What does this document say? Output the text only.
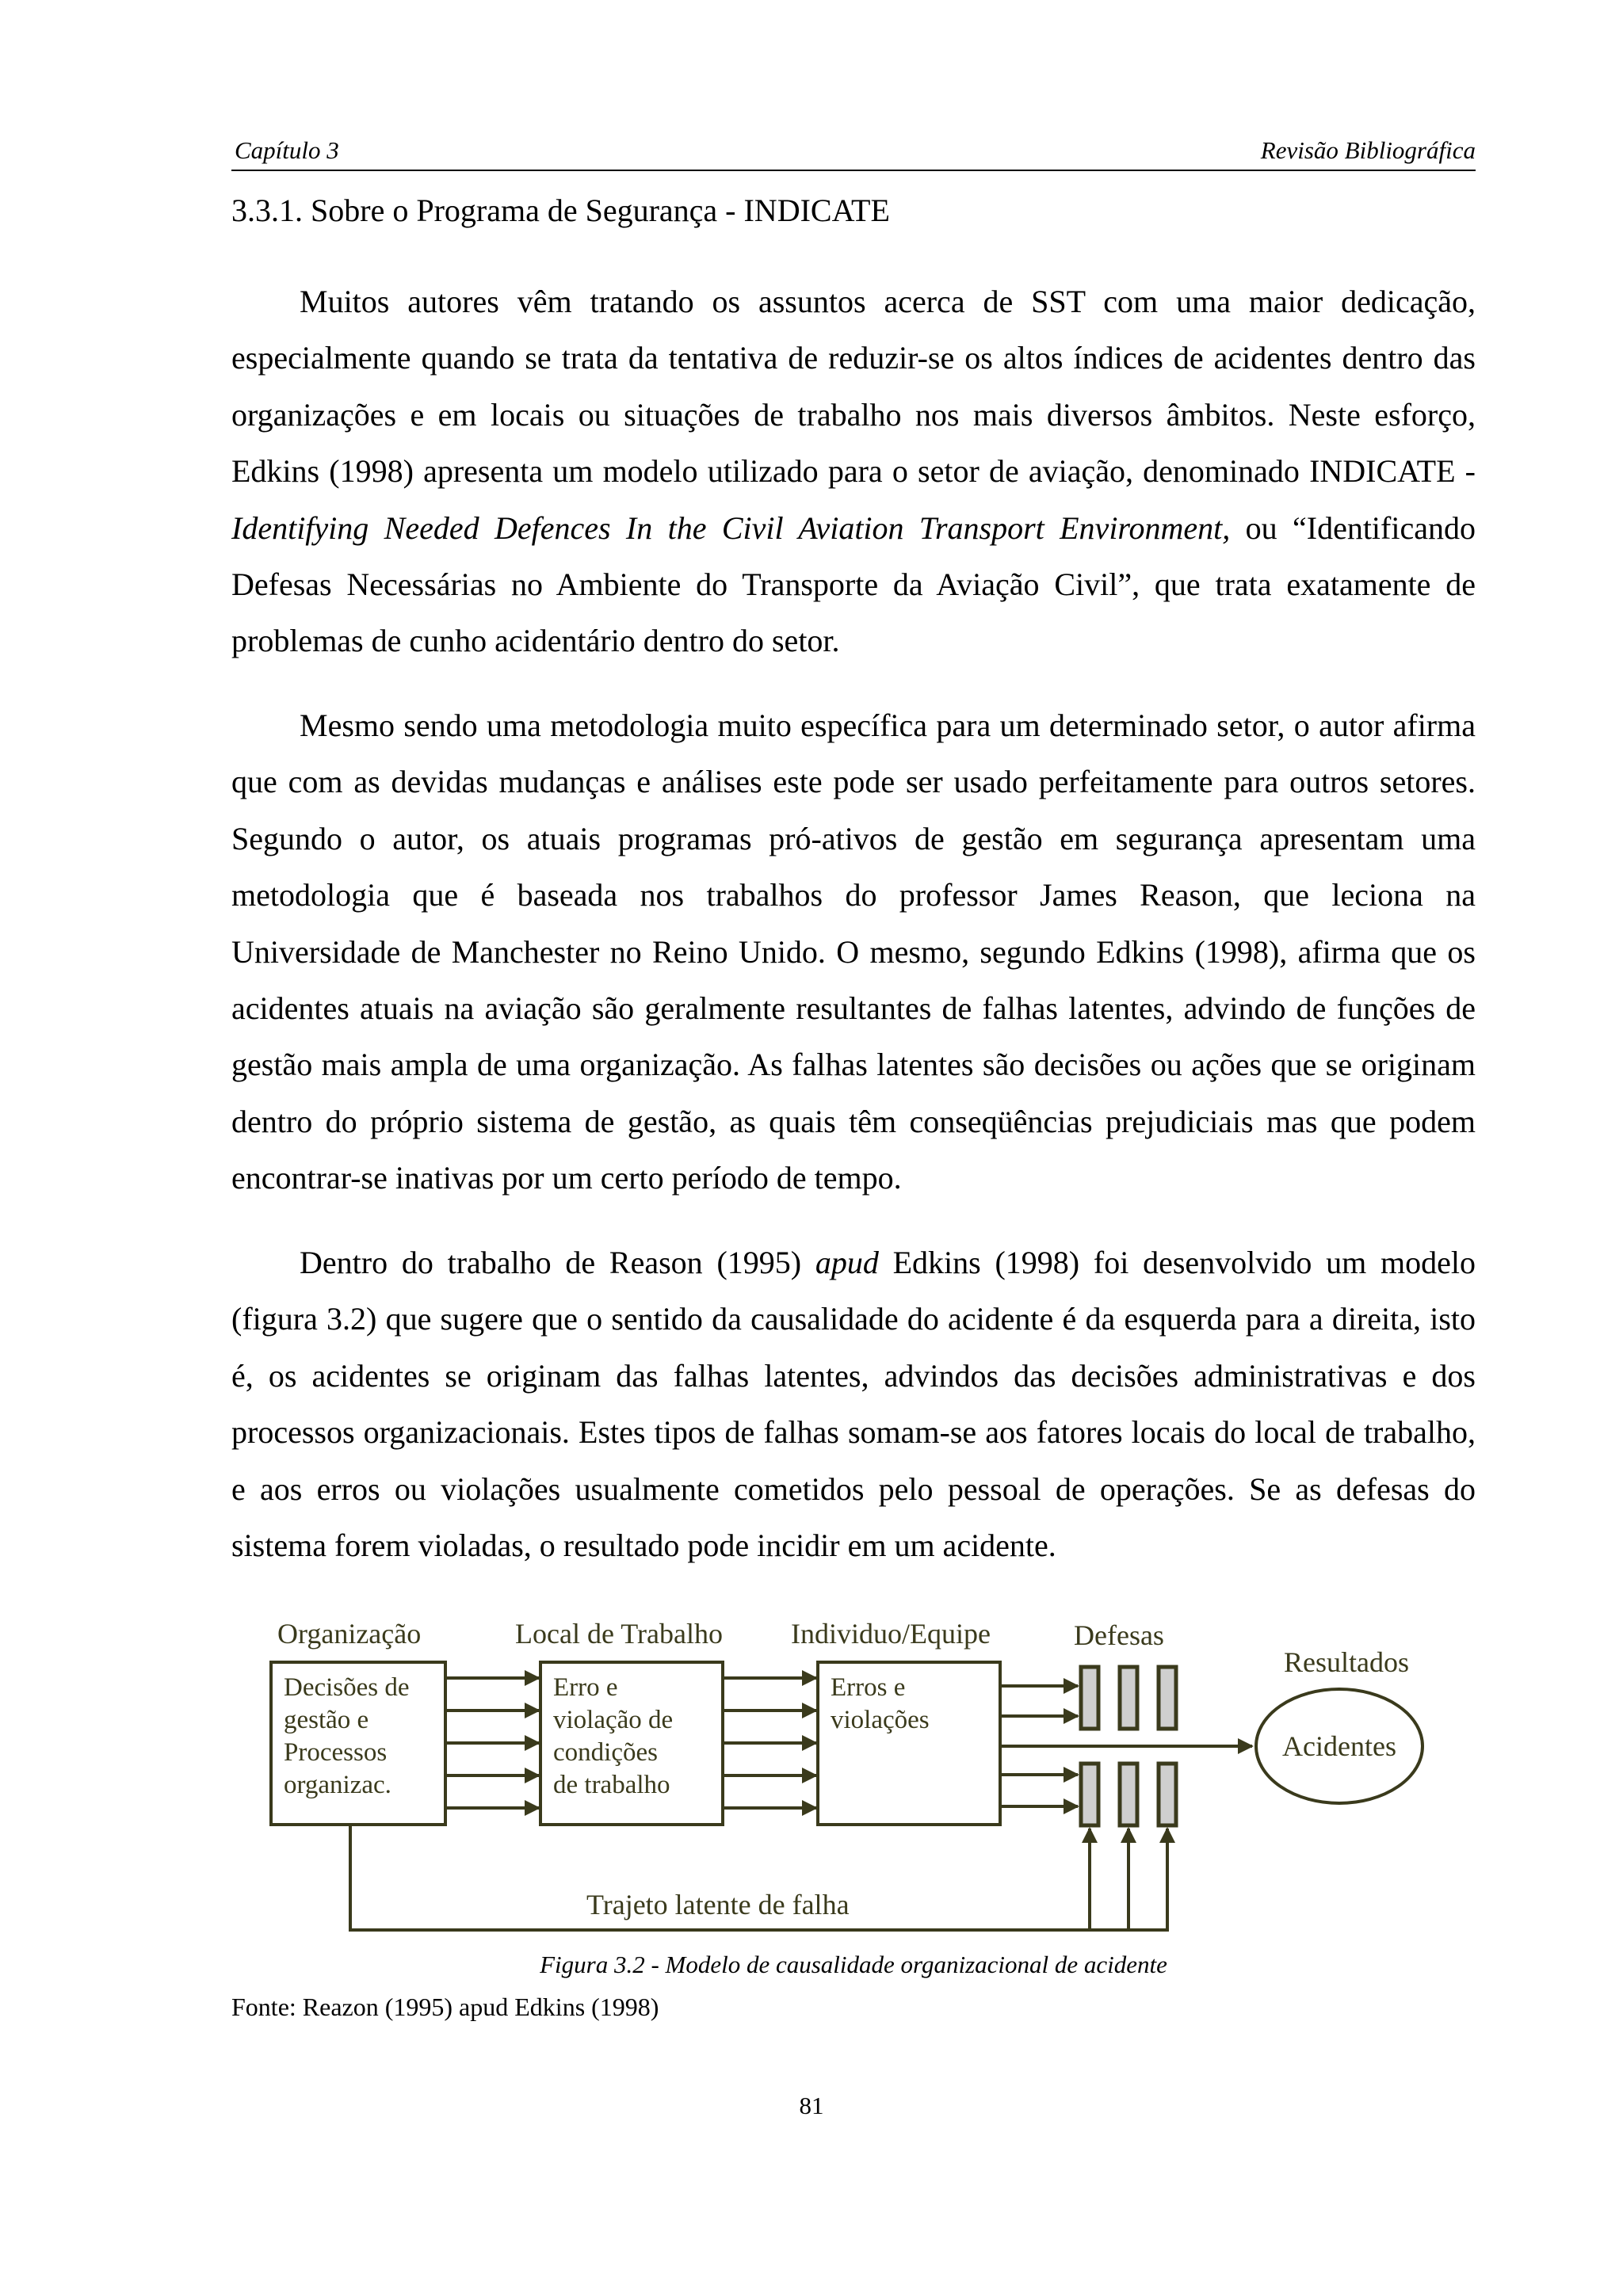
Capítulo 3	Revisão Bibliográfica
3.3.1. Sobre o Programa de Segurança - INDICATE

Muitos autores vêm tratando os assuntos acerca de SST com uma maior dedicação, especialmente quando se trata da tentativa de reduzir-se os altos índices de acidentes dentro das organizações e em locais ou situações de trabalho nos mais diversos âmbitos. Neste esforço, Edkins (1998) apresenta um modelo utilizado para o setor de aviação, denominado INDICATE - Identifying Needed Defences In the Civil Aviation Transport Environment, ou “Identificando Defesas Necessárias no Ambiente do Transporte da Aviação Civil”, que trata exatamente de problemas de cunho acidentário dentro do setor.

Mesmo sendo uma metodologia muito específica para um determinado setor, o autor afirma que com as devidas mudanças e análises este pode ser usado perfeitamente para outros setores. Segundo o autor, os atuais programas pró-ativos de gestão em segurança apresentam uma metodologia que é baseada nos trabalhos do professor James Reason, que leciona na Universidade de Manchester no Reino Unido. O mesmo, segundo Edkins (1998), afirma que os acidentes atuais na aviação são geralmente resultantes de falhas latentes, advindo de funções de gestão mais ampla de uma organização. As falhas latentes são decisões ou ações que se originam dentro do próprio sistema de gestão, as quais têm conseqüências prejudiciais mas que podem encontrar-se inativas por um certo período de tempo.

Dentro do trabalho de Reason (1995) apud Edkins (1998) foi desenvolvido um modelo (figura 3.2) que sugere que o sentido da causalidade do acidente é da esquerda para a direita, isto é, os acidentes se originam das falhas latentes, advindos das decisões administrativas e dos processos organizacionais. Estes tipos de falhas somam-se aos fatores locais do local de trabalho, e aos erros ou violações usualmente cometidos pelo pessoal de operações. Se as defesas do sistema forem violadas, o resultado pode incidir em um acidente.

Organização	Local de Trabalho Individuo/Equipe	Defesas
Resultados
Decisões de gestão e Processos organizac.
Erro e violação de condições de trabalho
Erros e violações
Acidentes
Trajeto latente de falha
Figura 3.2 - Modelo de causalidade organizacional de acidente
Fonte: Reazon (1995) apud Edkins (1998)
81
